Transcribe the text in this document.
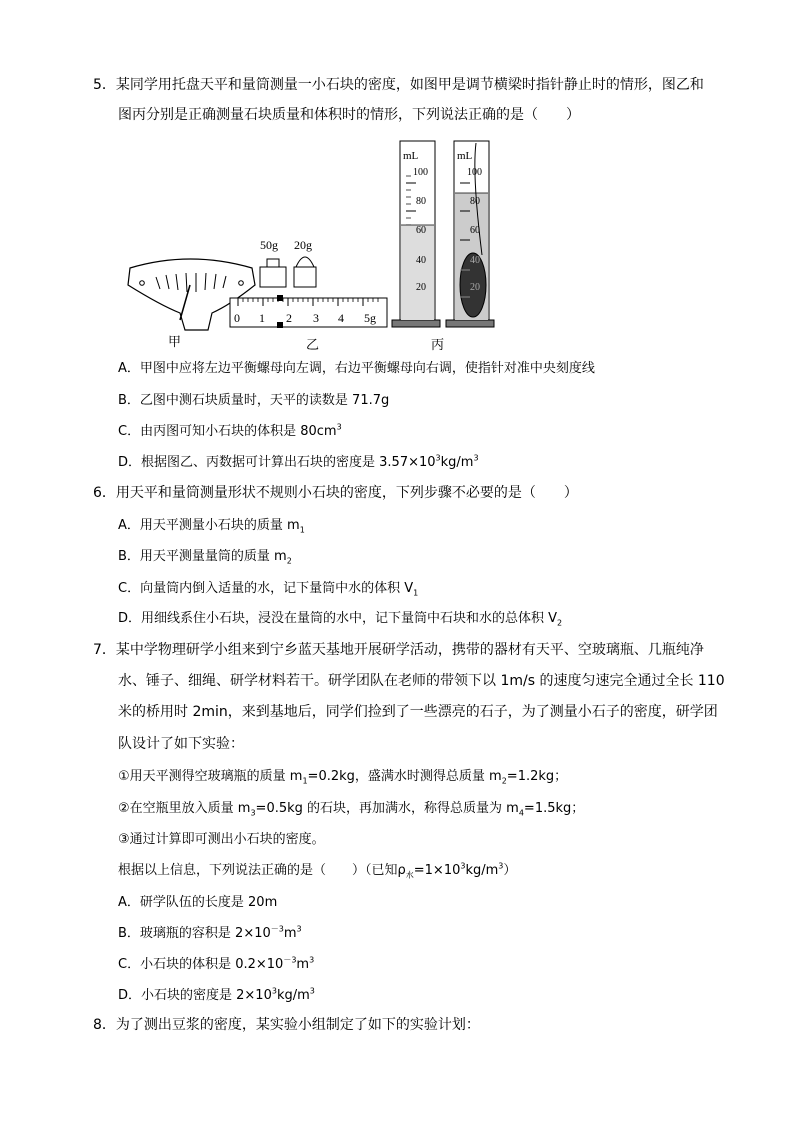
5．某同学用托盘天平和量筒测量一小石块的密度，如图甲是调节横梁时指针静止时的情形，图乙和
图丙分别是正确测量石块质量和体积时的情形，下列说法正确的是（　　）
甲
50g 20g
0 1 2 3 4 5g
乙
mL
100
80
60
40
20
mL
100
80
60
40
20
丙
A．甲图中应将左边平衡螺母向左调，右边平衡螺母向右调，使指针对准中央刻度线
B．乙图中测石块质量时，天平的读数是 71.7g
C．由丙图可知小石块的体积是 $80cm^3$
D．根据图乙、丙数据可计算出石块的密度是 $3.57\times 10^3kg/m^3$
6．用天平和量筒测量形状不规则小石块的密度，下列步骤不必要的是（　　）
A．用天平测量小石块的质量 $m_1$
B．用天平测量量筒的质量 $m_2$
C．向量筒内倒入适量的水，记下量筒中水的体积 $V_1$
D．用细线系住小石块，浸没在量筒的水中，记下量筒中石块和水的总体积 $V_2$
7．某中学物理研学小组来到宁乡蓝天基地开展研学活动，携带的器材有天平、空玻璃瓶、几瓶纯净
水、锤子、细绳、研学材料若干。研学团队在老师的带领下以 1m/s 的速度匀速完全通过全长 110
米的桥用时 2min，来到基地后，同学们捡到了一些漂亮的石子，为了测量小石子的密度，研学团
队设计了如下实验：
①用天平测得空玻璃瓶的质量 $m_1=0.2kg$，盛满水时测得总质量 $m_2=1.2kg$；
②在空瓶里放入质量 $m_3=0.5kg$ 的石块，再加满水，称得总质量为 $m_4=1.5kg$；
③通过计算即可测出小石块的密度。
根据以上信息，下列说法正确的是（　　）（已知$\rho_水=1\times 10^3kg/m^3$）
A．研学队伍的长度是 20m
B．玻璃瓶的容积是 $2\times 10^{-3}m^3$
C．小石块的体积是 $0.2\times 10^{-3}m^3$
D．小石块的密度是 $2\times 10^3kg/m^3$
8．为了测出豆浆的密度，某实验小组制定了如下的实验计划：
